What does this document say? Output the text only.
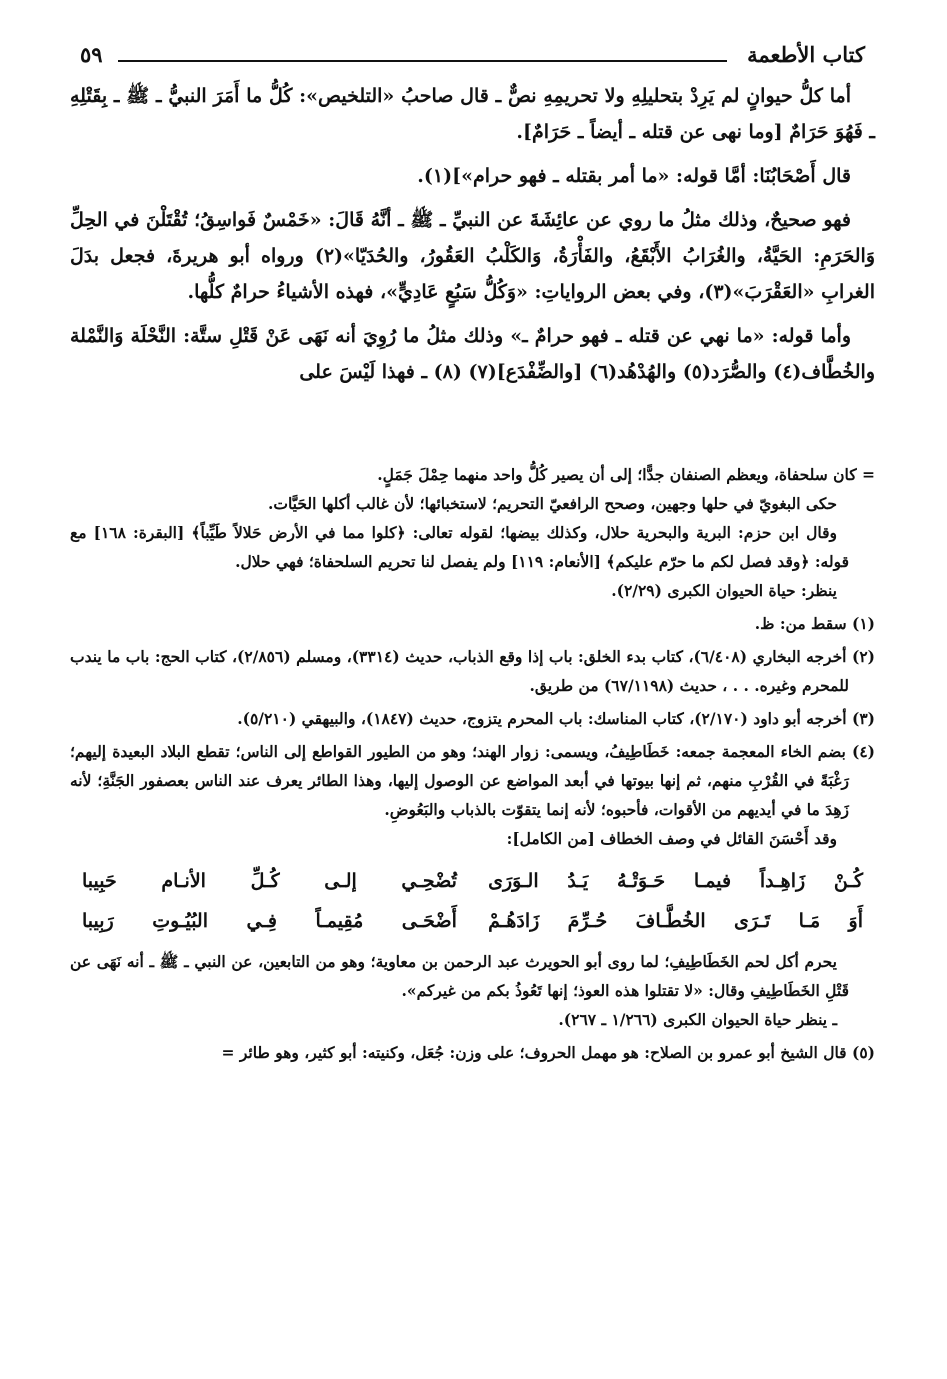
كتاب الأطعمة
٥٩

أما كلُّ حيوانٍ لم يَرِدْ بتحليلِهِ ولا تحريمِهِ نصٌّ ـ قال صاحبُ «التلخيص»: كُلُّ ما أَمَرَ النبيُّ ـ ﷺ ـ بِقَتْلِهِ ـ فَهُوَ حَرَامٌ [وما نهى عن قتله ـ أيضاً ـ حَرَامٌ].

قال أَصْحَابُنَا: أمَّا قوله: «ما أمر بقتله ـ فهو حرام»](١).

فهو صحيحٌ، وذلك مثلُ ما روي عن عائِشَةَ عن النبيِّ ـ ﷺ ـ أنَّهُ قَالَ: «خَمْسٌ فَواسِقُ؛ تُقْتَلْنَ في الحِلِّ وَالحَرَمِ: الحَيَّةُ، والغُرَابُ الأَبْقَعُ، والفَأْرَةُ، وَالكَلْبُ العَقُورُ، والحُدَيّا»(٢) ورواه أبو هريرةَ، فجعل بدَلَ الغرابِ «العَقْرَبَ»(٣)، وفي بعض الرواياتِ: «وَكُلُّ سَبُعٍ عَادِيٍّ»، فهذه الأشياءُ حرامٌ كلُّها.

وأما قوله: «ما نهي عن قتله ـ فهو حرامٌ ـ» وذلك مثلُ ما رُوِيَ أنه نَهَى عَنْ قَتْلِ ستَّة: النَّحْلَة وَالنَّمْلة والخُطَّاف(٤) والصُّرَد(٥) والهُدْهُد(٦) [والضِّفْدَع](٧) (٨) ـ فهذا لَيْسَ على

= كان سلحفاة، ويعظم الصنفان جدًّا؛ إلى أن يصير كُلُّ واحد منهما حِمْلَ جَمَلٍ.

حكى البغويّ في حلها وجهين، وصحح الرافعيّ التحريم؛ لاستخبائها؛ لأن غالب أكلها الحَيَّات.

وقال ابن حزم: البرية والبحرية حلال، وكذلك بيضها؛ لقوله تعالى: ﴿كلوا مما في الأرض حَلالاً طَيِّباً﴾ [البقرة: ١٦٨] مع قوله: ﴿وقد فصل لكم ما حرّم عليكم﴾ [الأنعام: ١١٩] ولم يفصل لنا تحريم السلحفاة؛ فهي حلال.

ينظر: حياة الحيوان الكبرى (٢/٢٩).

(١) سقط من: ظ.

(٢) أخرجه البخاري (٦/٤٠٨)، كتاب بدء الخلق: باب إذا وقع الذباب، حديث (٣٣١٤)، ومسلم (٢/٨٥٦)، كتاب الحج: باب ما يندب للمحرم وغيره. . . ، حديث (٦٧/١١٩٨) من طريق.

(٣) أخرجه أبو داود (٢/١٧٠)، كتاب المناسك: باب المحرم يتزوج، حديث (١٨٤٧)، والبيهقي (٥/٢١٠).

(٤) بضم الخاء المعجمة جمعه: خَطَاطِيفُ، ويسمى: زوار الهند؛ وهو من الطيور القواطع إلى الناس؛ تقطع البلاد البعيدة إليهم؛ رَغْبَةً في القُرْبِ منهم، ثم إنها بيوتها في أبعد المواضع عن الوصول إليها، وهذا الطائر يعرف عند الناس بعصفور الجَنَّةِ؛ لأنه زَهِدَ ما في أيديهم من الأقوات، فأحبوه؛ لأنه إنما يتقوّت بالذباب والبَعُوضِ.

وقد أَحْسَنَ القائل في وصف الخطاف [من الكامل]:

كُـنْ زَاهِـداً فيمـا حَـوَتْـهُ يَـدُ الـوَرَى
تُضْحِـي إلـى كُـلِّ الأنـام حَبِيبا
أَوَ مَـا تَـرَى الخُطَّـافَ حُـرِّمَ زَادَهُـمْ
أَضْحَـى مُقِيمـاً فِـي البُيُـوتِ رَبِيبا

يحرم أكل لحم الخَطَاطِيفِ؛ لما روى أبو الحويرث عبد الرحمن بن معاوية؛ وهو من التابعين، عن النبي ـ ﷺ ـ أنه نَهَى عن قَتْلِ الخَطَاطِيفِ وقال: «لا تقتلوا هذه العوذ؛ إنها تَعُوذُ بكم من غيركم».

ـ ينظر حياة الحيوان الكبرى (١/٢٦٦ ـ ٢٦٧).

(٥) قال الشيخ أبو عمرو بن الصلاح: هو مهمل الحروف؛ على وزن: جُعَل، وكنيته: أبو كثير، وهو طائر =
